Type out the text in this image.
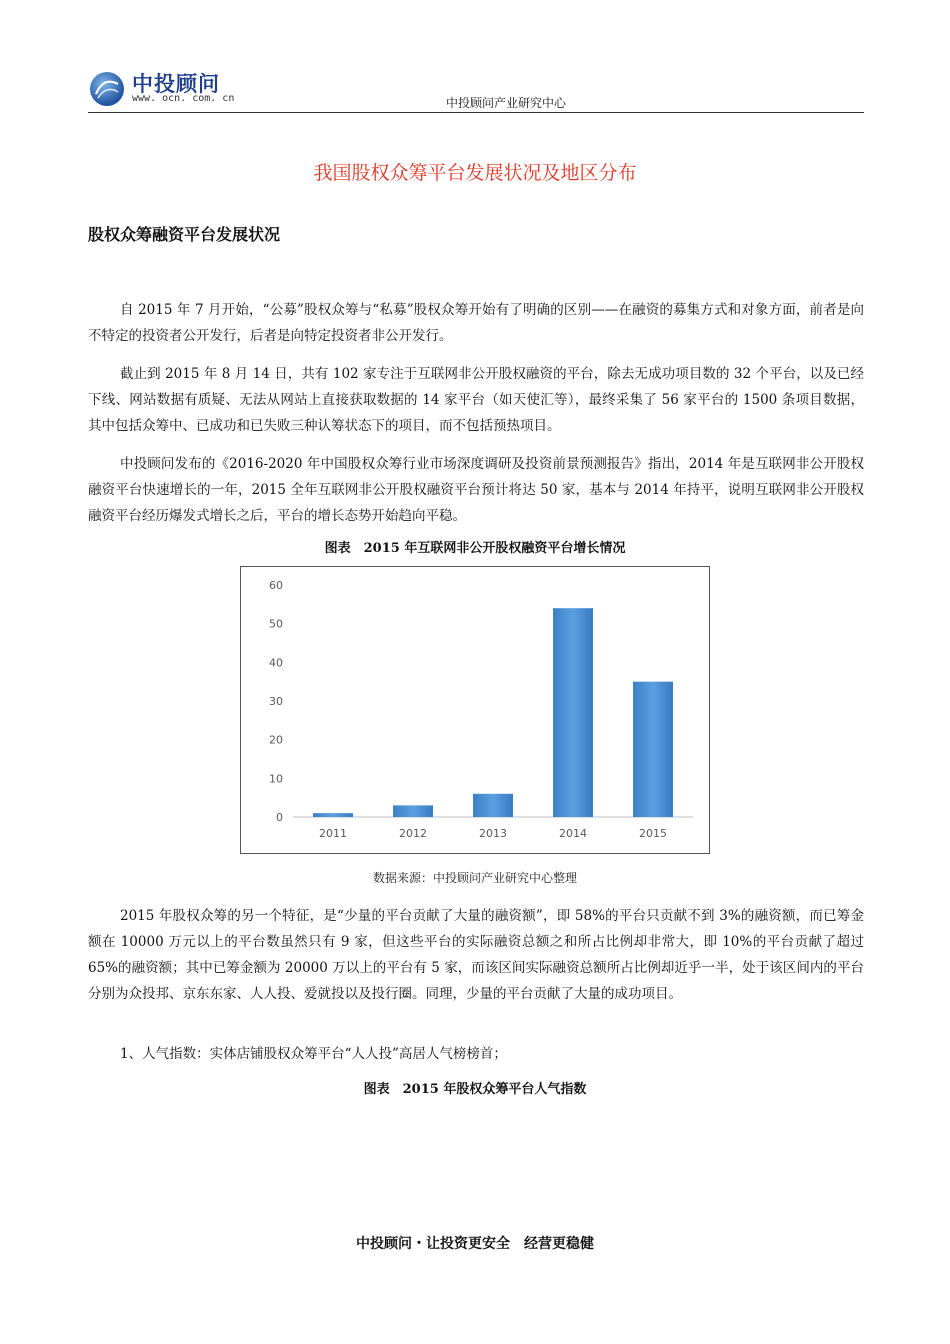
中投顾问
www. ocn. com. cn	中投顾问产业研究中心
我国股权众筹平台发展状况及地区分布
股权众筹融资平台发展状况

自 2015 年 7 月开始，“公募”股权众筹与“私募”股权众筹开始有了明确的区别——在融资的募集方式和对象方面，前者是向不特定的投资者公开发行，后者是向特定投资者非公开发行。

截止到 2015 年 8 月 14 日，共有 102 家专注于互联网非公开股权融资的平台，除去无成功项目数的 32 个平台，以及已经下线、网站数据有质疑、无法从网站上直接获取数据的 14 家平台（如天使汇等），最终采集了 56 家平台的 1500 条项目数据，其中包括众筹中、已成功和已失败三种认筹状态下的项目，而不包括预热项目。

中投顾问发布的《2016-2020 年中国股权众筹行业市场深度调研及投资前景预测报告》指出，2014 年是互联网非公开股权融资平台快速增长的一年，2015 全年互联网非公开股权融资平台预计将达 50 家，基本与 2014 年持平，说明互联网非公开股权融资平台经历爆发式增长之后，平台的增长态势开始趋向平稳。

图表　2015 年互联网非公开股权融资平台增长情况
0
10
20
30
40
50
60
2011	2012	2013	2014	2015
数据来源：中投顾问产业研究中心整理

2015 年股权众筹的另一个特征，是“少量的平台贡献了大量的融资额”，即 58%的平台只贡献不到 3%的融资额，而已筹金额在 10000 万元以上的平台数虽然只有 9 家，但这些平台的实际融资总额之和所占比例却非常大，即 10%的平台贡献了超过 65%的融资额；其中已筹金额为 20000 万以上的平台有 5 家，而该区间实际融资总额所占比例却近乎一半，处于该区间内的平台分别为众投邦、京东东家、人人投、爱就投以及投行圈。同理，少量的平台贡献了大量的成功项目。

1、人气指数：实体店铺股权众筹平台“人人投”高居人气榜榜首；

图表　2015 年股权众筹平台人气指数
中投顾问・让投资更安全　经营更稳健
